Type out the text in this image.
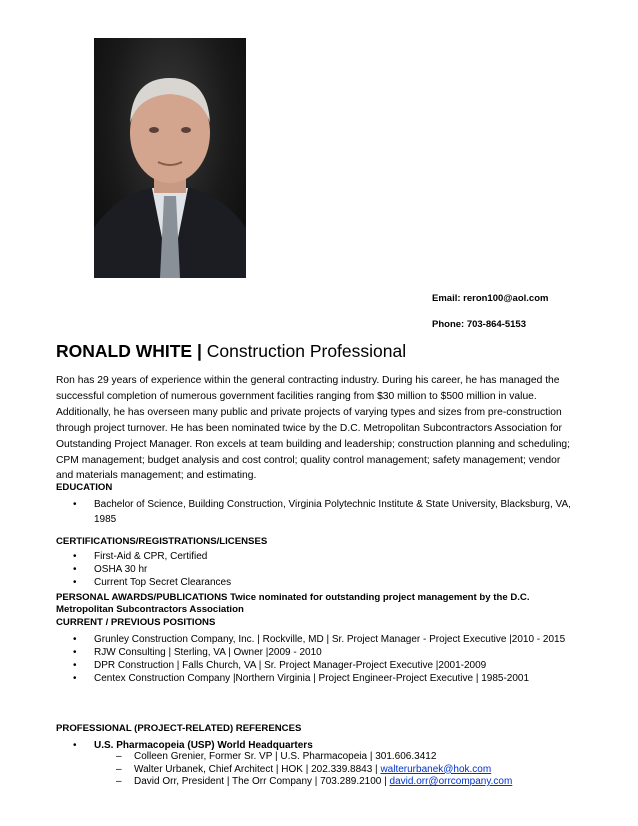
Email: reron100@aol.com
Phone: 703-864-5153
RONALD WHITE | Construction Professional
Ron has 29 years of experience within the general contracting industry. During his career, he has managed the successful completion of numerous government facilities ranging from $30 million to $500 million in value. Additionally, he has overseen many public and private projects of varying types and sizes from pre-construction through project turnover. He has been nominated twice by the D.C. Metropolitan Subcontractors Association for Outstanding Project Manager. Ron excels at team building and leadership; construction planning and scheduling; CPM management; budget analysis and cost control; quality control management; safety management; vendor and materials management; and estimating.
EDUCATION
• Bachelor of Science, Building Construction, Virginia Polytechnic Institute & State University, Blacksburg, VA, 1985
CERTIFICATIONS/REGISTRATIONS/LICENSES
• First-Aid & CPR, Certified
• OSHA 30 hr
• Current Top Secret Clearances
PERSONAL AWARDS/PUBLICATIONS Twice nominated for outstanding project management by the D.C.
Metropolitan Subcontractors Association
CURRENT / PREVIOUS POSITIONS
• Grunley Construction Company, Inc. | Rockville, MD | Sr. Project Manager - Project Executive |2010 - 2015
• RJW Consulting | Sterling, VA | Owner |2009 - 2010
• DPR Construction | Falls Church, VA | Sr. Project Manager-Project Executive |2001-2009
• Centex Construction Company |Northern Virginia | Project Engineer-Project Executive | 1985-2001
PROFESSIONAL (PROJECT-RELATED) REFERENCES
• U.S. Pharmacopeia (USP) World Headquarters
– Colleen Grenier, Former Sr. VP | U.S. Pharmacopeia | 301.606.3412
– Walter Urbanek, Chief Architect | HOK | 202.339.8843 | walterurbanek@hok.com
– David Orr, President | The Orr Company | 703.289.2100 | david.orr@orrcompany.com
